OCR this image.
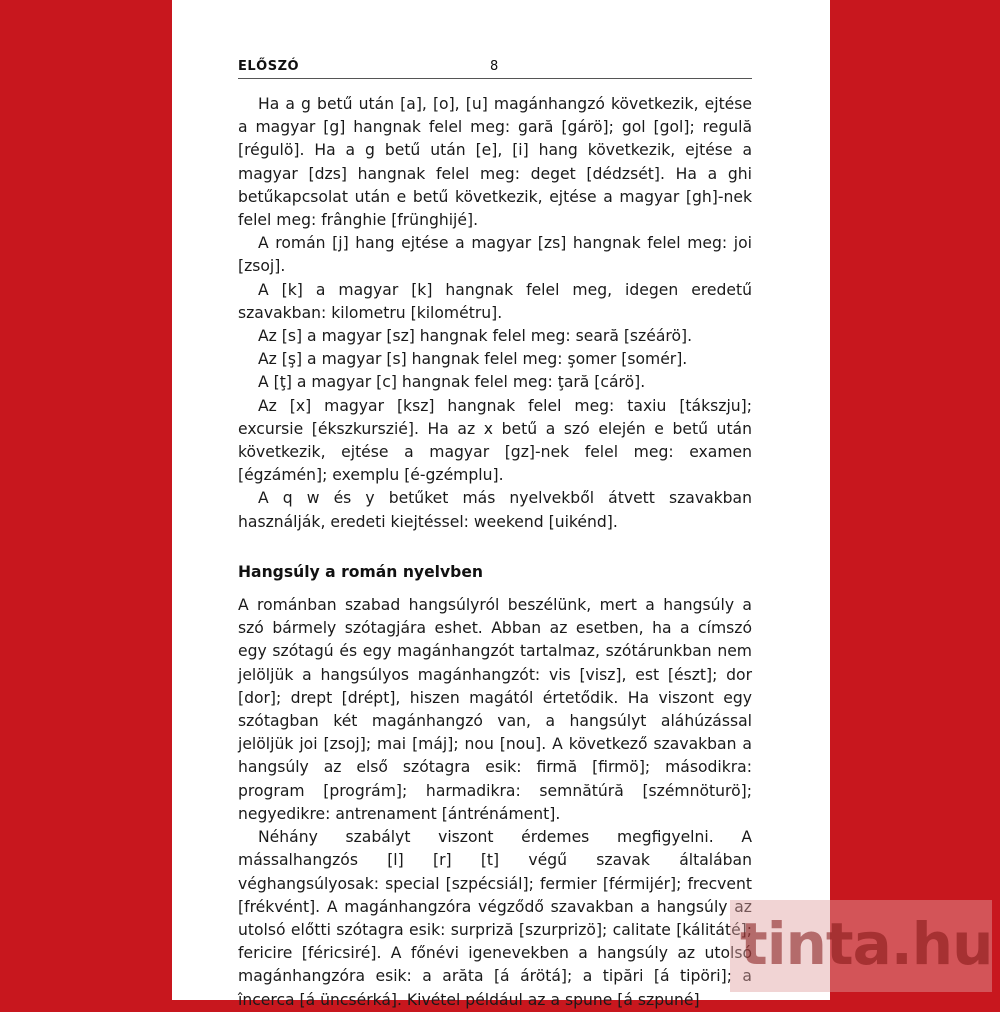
ELŐSZÓ	8

Ha a g betű után [a], [o], [u] magánhangzó következik, ejtése a magyar [g] hangnak felel meg: gară [gárö]; gol [gol]; regulă [régulö]. Ha a g betű után [e], [i] hang következik, ejtése a magyar [dzs] hangnak felel meg: deget [dédzsét]. Ha a ghi betűkapcsolat után e betű következik, ejtése a magyar [gh]-nek felel meg: frânghie [frünghijé].

A román [j] hang ejtése a magyar [zs] hangnak felel meg: joi [zsoj].

A [k] a magyar [k] hangnak felel meg, idegen eredetű szavakban: kilometru [kilométru].

Az [s] a magyar [sz] hangnak felel meg: seară [széárö].

Az [ş] a magyar [s] hangnak felel meg: şomer [somér].

A [ţ] a magyar [c] hangnak felel meg: ţară [cárö].

Az [x] magyar [ksz] hangnak felel meg: taxiu [tákszju]; excursie [ékszkurszié]. Ha az x betű a szó elején e betű után következik, ejtése a magyar [gz]-nek felel meg: examen [égzámén]; exemplu [é-gzémplu].

A q w és y betűket más nyelvekből átvett szavakban használják, eredeti kiejtéssel: weekend [uikénd].

Hangsúly a román nyelvben

A románban szabad hangsúlyról beszélünk, mert a hangsúly a szó bármely szótagjára eshet. Abban az esetben, ha a címszó egy szótagú és egy magánhangzót tartalmaz, szótárunkban nem jelöljük a hangsúlyos magánhangzót: vis [visz], est [észt]; dor [dor]; drept [drépt], hiszen magától értetődik. Ha viszont egy szótagban két magánhangzó van, a hangsúlyt aláhúzással jelöljük joi [zsoj]; mai [máj]; nou [nou]. A következő szavakban a hangsúly az első szótagra esik: firmă [firmö]; másodikra: program [prográm]; harmadikra: semnătúră [szémnöturö]; negyedikre: antrenament [ántrénáment].

Néhány szabályt viszont érdemes megfigyelni. A mássalhangzós [l] [r] [t] végű szavak általában véghangsúlyosak: special [szpécsiál]; fermier [férmijér]; frecvent [frékvént]. A magánhangzóra végződő szavakban a hangsúly az utolsó előtti szótagra esik: surpriză [szurprizö]; calitate [kálitáté]; fericire [féricsiré]. A főnévi igenevekben a hangsúly az utolsó magánhangzóra esik: a arăta [á árötá]; a tipări [á tipöri]; a încerca [á üncsérká]. Kivétel például az a spune [á szpuné]

tinta.hu
